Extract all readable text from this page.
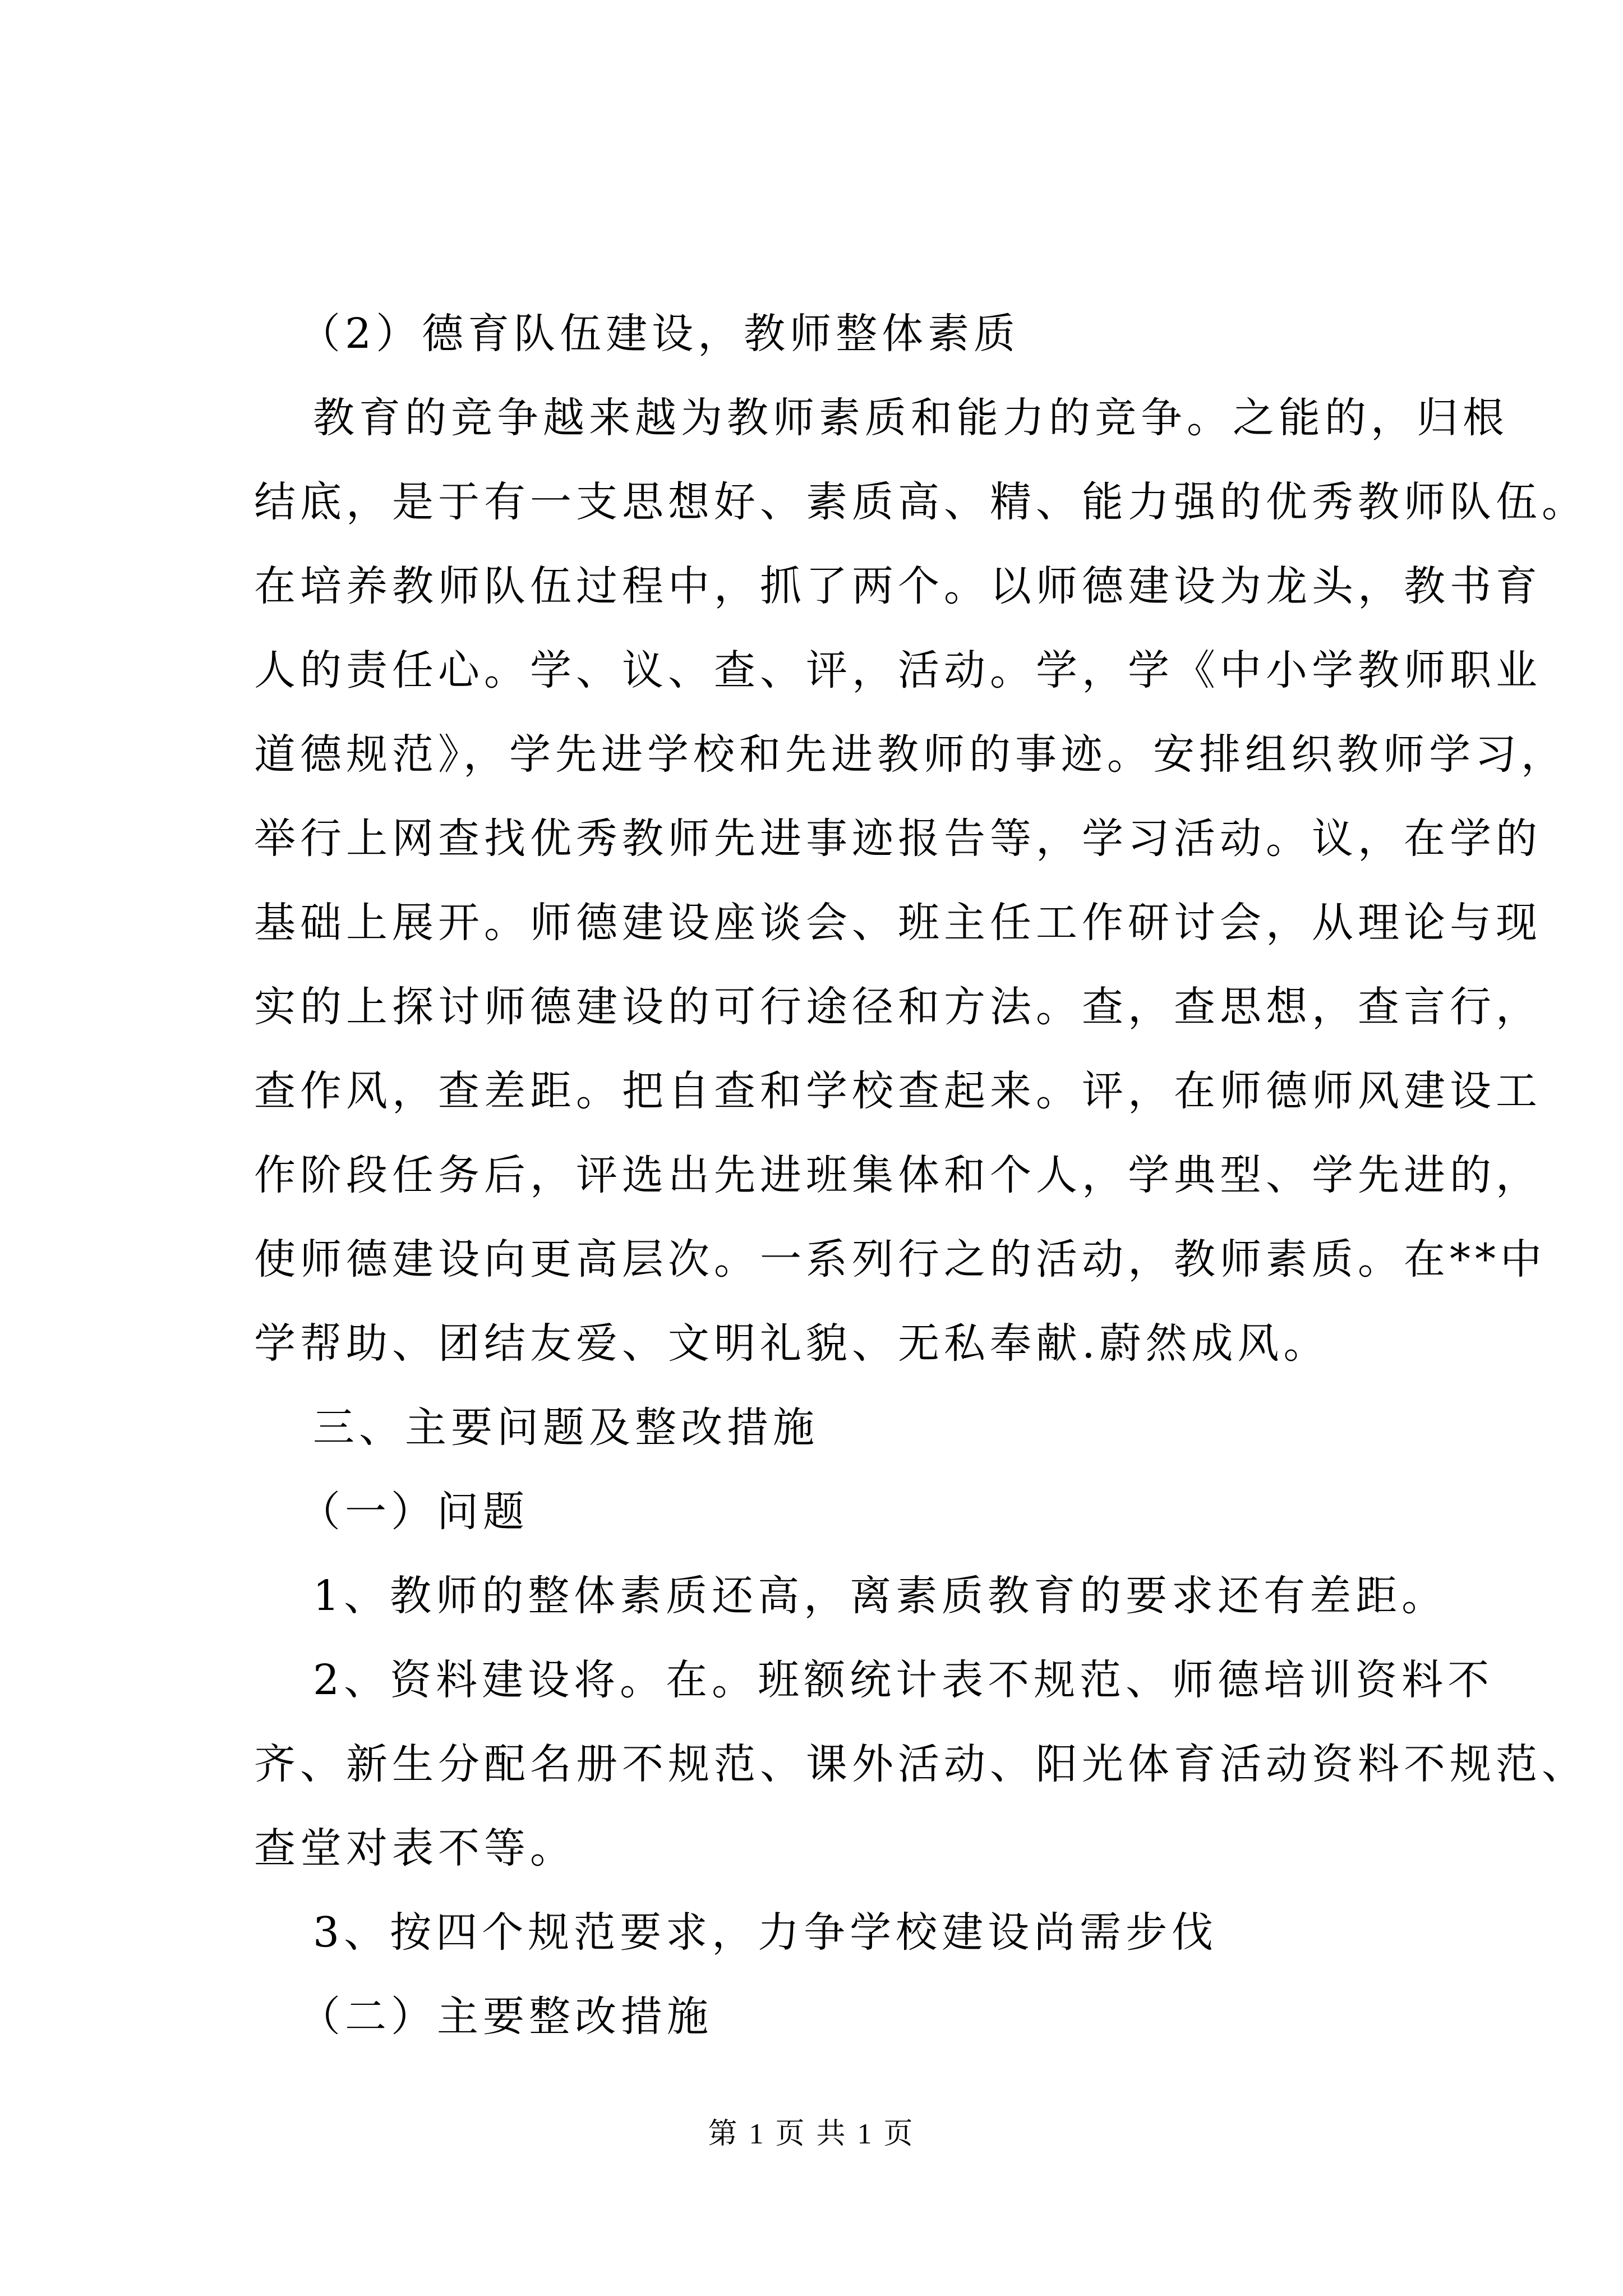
（2）德育队伍建设，教师整体素质

教育的竞争越来越为教师素质和能力的竞争。之能的，归根

结底，是于有一支思想好、素质高、精、能力强的优秀教师队伍。

在培养教师队伍过程中，抓了两个。以师德建设为龙头，教书育

人的责任心。学、议、查、评，活动。学，学《中小学教师职业

道德规范》，学先进学校和先进教师的事迹。安排组织教师学习，

举行上网查找优秀教师先进事迹报告等，学习活动。议，在学的

基础上展开。师德建设座谈会、班主任工作研讨会，从理论与现

实的上探讨师德建设的可行途径和方法。查，查思想，查言行，

查作风，查差距。把自查和学校查起来。评，在师德师风建设工

作阶段任务后，评选出先进班集体和个人，学典型、学先进的，

使师德建设向更高层次。一系列行之的活动，教师素质。在**中

学帮助、团结友爱、文明礼貌、无私奉献.蔚然成风。

三、主要问题及整改措施

（一）问题

1、教师的整体素质还高，离素质教育的要求还有差距。

2、资料建设将。在。班额统计表不规范、师德培训资料不

齐、新生分配名册不规范、课外活动、阳光体育活动资料不规范、

查堂对表不等。

3、按四个规范要求，力争学校建设尚需步伐

（二）主要整改措施

第 1 页 共 1 页
